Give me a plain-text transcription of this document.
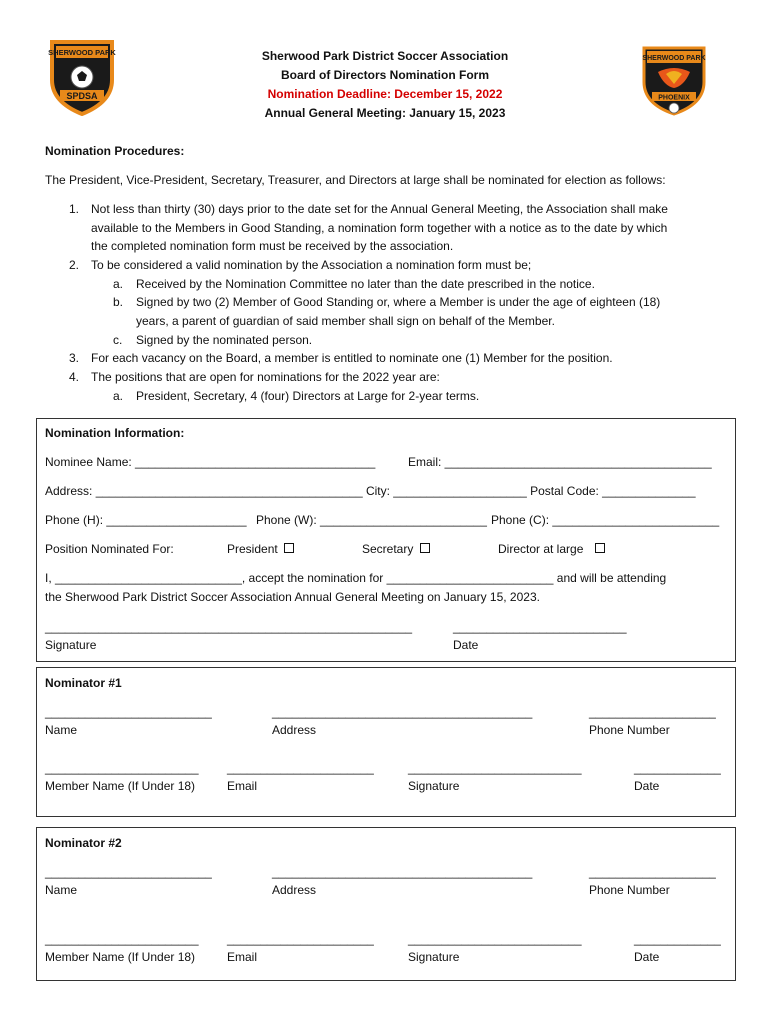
SHERWOOD PARK
SPDSA
SHERWOOD PARK
PHOENIX
Sherwood Park District Soccer Association
Board of Directors Nomination Form
Nomination Deadline: December 15, 2022
Annual General Meeting: January 15, 2023
Nomination Procedures:
The President, Vice-President, Secretary, Treasurer, and Directors at large shall be nominated for election as follows:
1. Not less than thirty (30) days prior to the date set for the Annual General Meeting, the Association shall make
available to the Members in Good Standing, a nomination form together with a notice as to the date by which
the completed nomination form must be received by the association.
2. To be considered a valid nomination by the Association a nomination form must be;
a. Received by the Nomination Committee no later than the date prescribed in the notice.
b. Signed by two (2) Member of Good Standing or, where a Member is under the age of eighteen (18)
years, a parent of guardian of said member shall sign on behalf of the Member.
c. Signed by the nominated person.
3. For each vacancy on the Board, a member is entitled to nominate one (1) Member for the position.
4. The positions that are open for nominations for the 2022 year are:
a. President, Secretary, 4 (four) Directors at Large for 2-year terms.
Nomination Information:
Nominee Name: ____________________________________	Email: ________________________________________
Address: ________________________________________ City: ____________________ Postal Code: ______________
Phone (H): _____________________ Phone (W): _________________________ Phone (C): _________________________
Position Nominated For:	President	Secretary	Director at large
I, ____________________________, accept the nomination for _________________________ and will be attending
the Sherwood Park District Soccer Association Annual General Meeting on January 15, 2023.
_______________________________________________________	__________________________
Signature	Date
Nominator #1
_________________________	_______________________________________	___________________
Name	Address	Phone Number
_______________________ ______________________	__________________________	_____________
Member Name (If Under 18)	Email	Signature	Date
Nominator #2
_________________________	_______________________________________	___________________
Name	Address	Phone Number
_______________________ ______________________	__________________________	_____________
Member Name (If Under 18)	Email	Signature	Date
